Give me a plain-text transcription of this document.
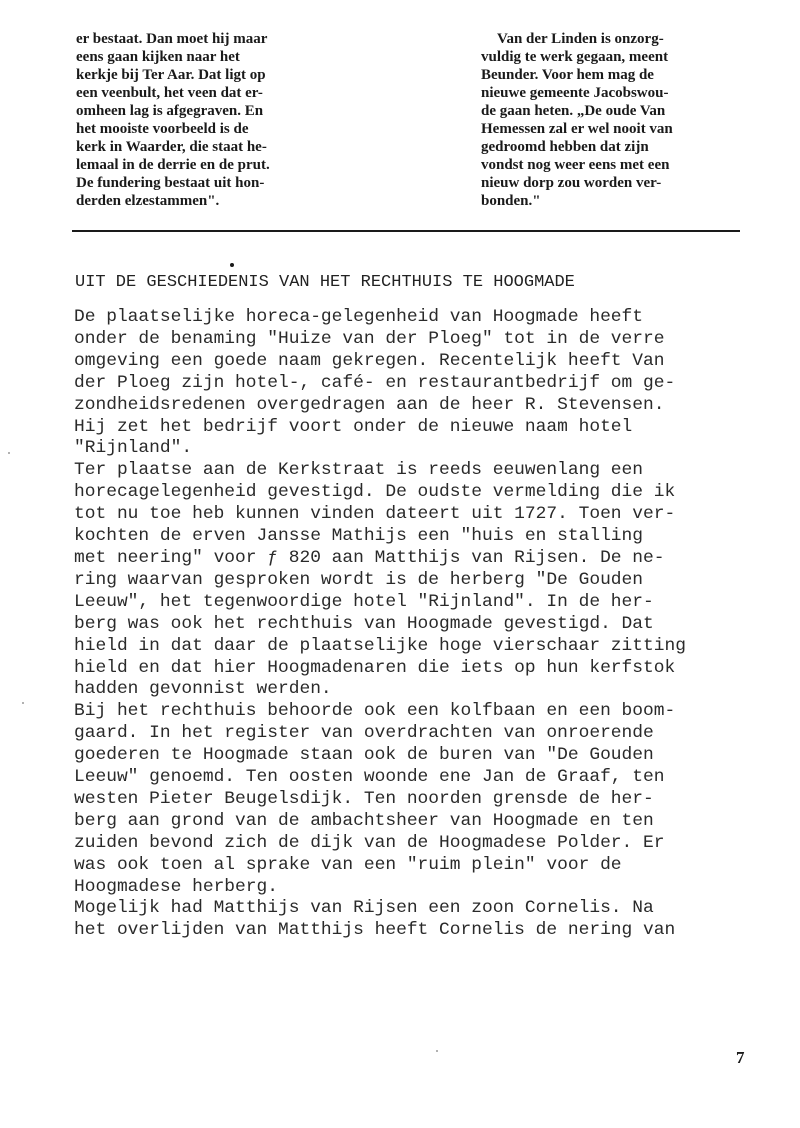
er bestaat. Dan moet hij maar
eens gaan kijken naar het
kerkje bij Ter Aar. Dat ligt op
een veenbult, het veen dat er-
omheen lag is afgegraven. En
het mooiste voorbeeld is de
kerk in Waarder, die staat he-
lemaal in de derrie en de prut.
De fundering bestaat uit hon-
derden elzestammen".
Van der Linden is onzorg-
vuldig te werk gegaan, meent
Beunder. Voor hem mag de
nieuwe gemeente Jacobswou-
de gaan heten. „De oude Van
Hemessen zal er wel nooit van
gedroomd hebben dat zijn
vondst nog weer eens met een
nieuw dorp zou worden ver-
bonden."
UIT DE GESCHIEDENIS VAN HET RECHTHUIS TE HOOGMADE
De plaatselijke horeca-gelegenheid van Hoogmade heeft
onder de benaming "Huize van der Ploeg" tot in de verre
omgeving een goede naam gekregen. Recentelijk heeft Van
der Ploeg zijn hotel-, café- en restaurantbedrijf om ge-
zondheidsredenen overgedragen aan de heer R. Stevensen.
Hij zet het bedrijf voort onder de nieuwe naam hotel
"Rijnland".
Ter plaatse aan de Kerkstraat is reeds eeuwenlang een
horecagelegenheid gevestigd. De oudste vermelding die ik
tot nu toe heb kunnen vinden dateert uit 1727. Toen ver-
kochten de erven Jansse Mathijs een "huis en stalling
met neering" voor ƒ 820 aan Matthijs van Rijsen. De ne-
ring waarvan gesproken wordt is de herberg "De Gouden
Leeuw", het tegenwoordige hotel "Rijnland". In de her-
berg was ook het rechthuis van Hoogmade gevestigd. Dat
hield in dat daar de plaatselijke hoge vierschaar zitting
hield en dat hier Hoogmadenaren die iets op hun kerfstok
hadden gevonnist werden.
Bij het rechthuis behoorde ook een kolfbaan en een boom-
gaard. In het register van overdrachten van onroerende
goederen te Hoogmade staan ook de buren van "De Gouden
Leeuw" genoemd. Ten oosten woonde ene Jan de Graaf, ten
westen Pieter Beugelsdijk. Ten noorden grensde de her-
berg aan grond van de ambachtsheer van Hoogmade en ten
zuiden bevond zich de dijk van de Hoogmadese Polder. Er
was ook toen al sprake van een "ruim plein" voor de
Hoogmadese herberg.
Mogelijk had Matthijs van Rijsen een zoon Cornelis. Na
het overlijden van Matthijs heeft Cornelis de nering van
7
